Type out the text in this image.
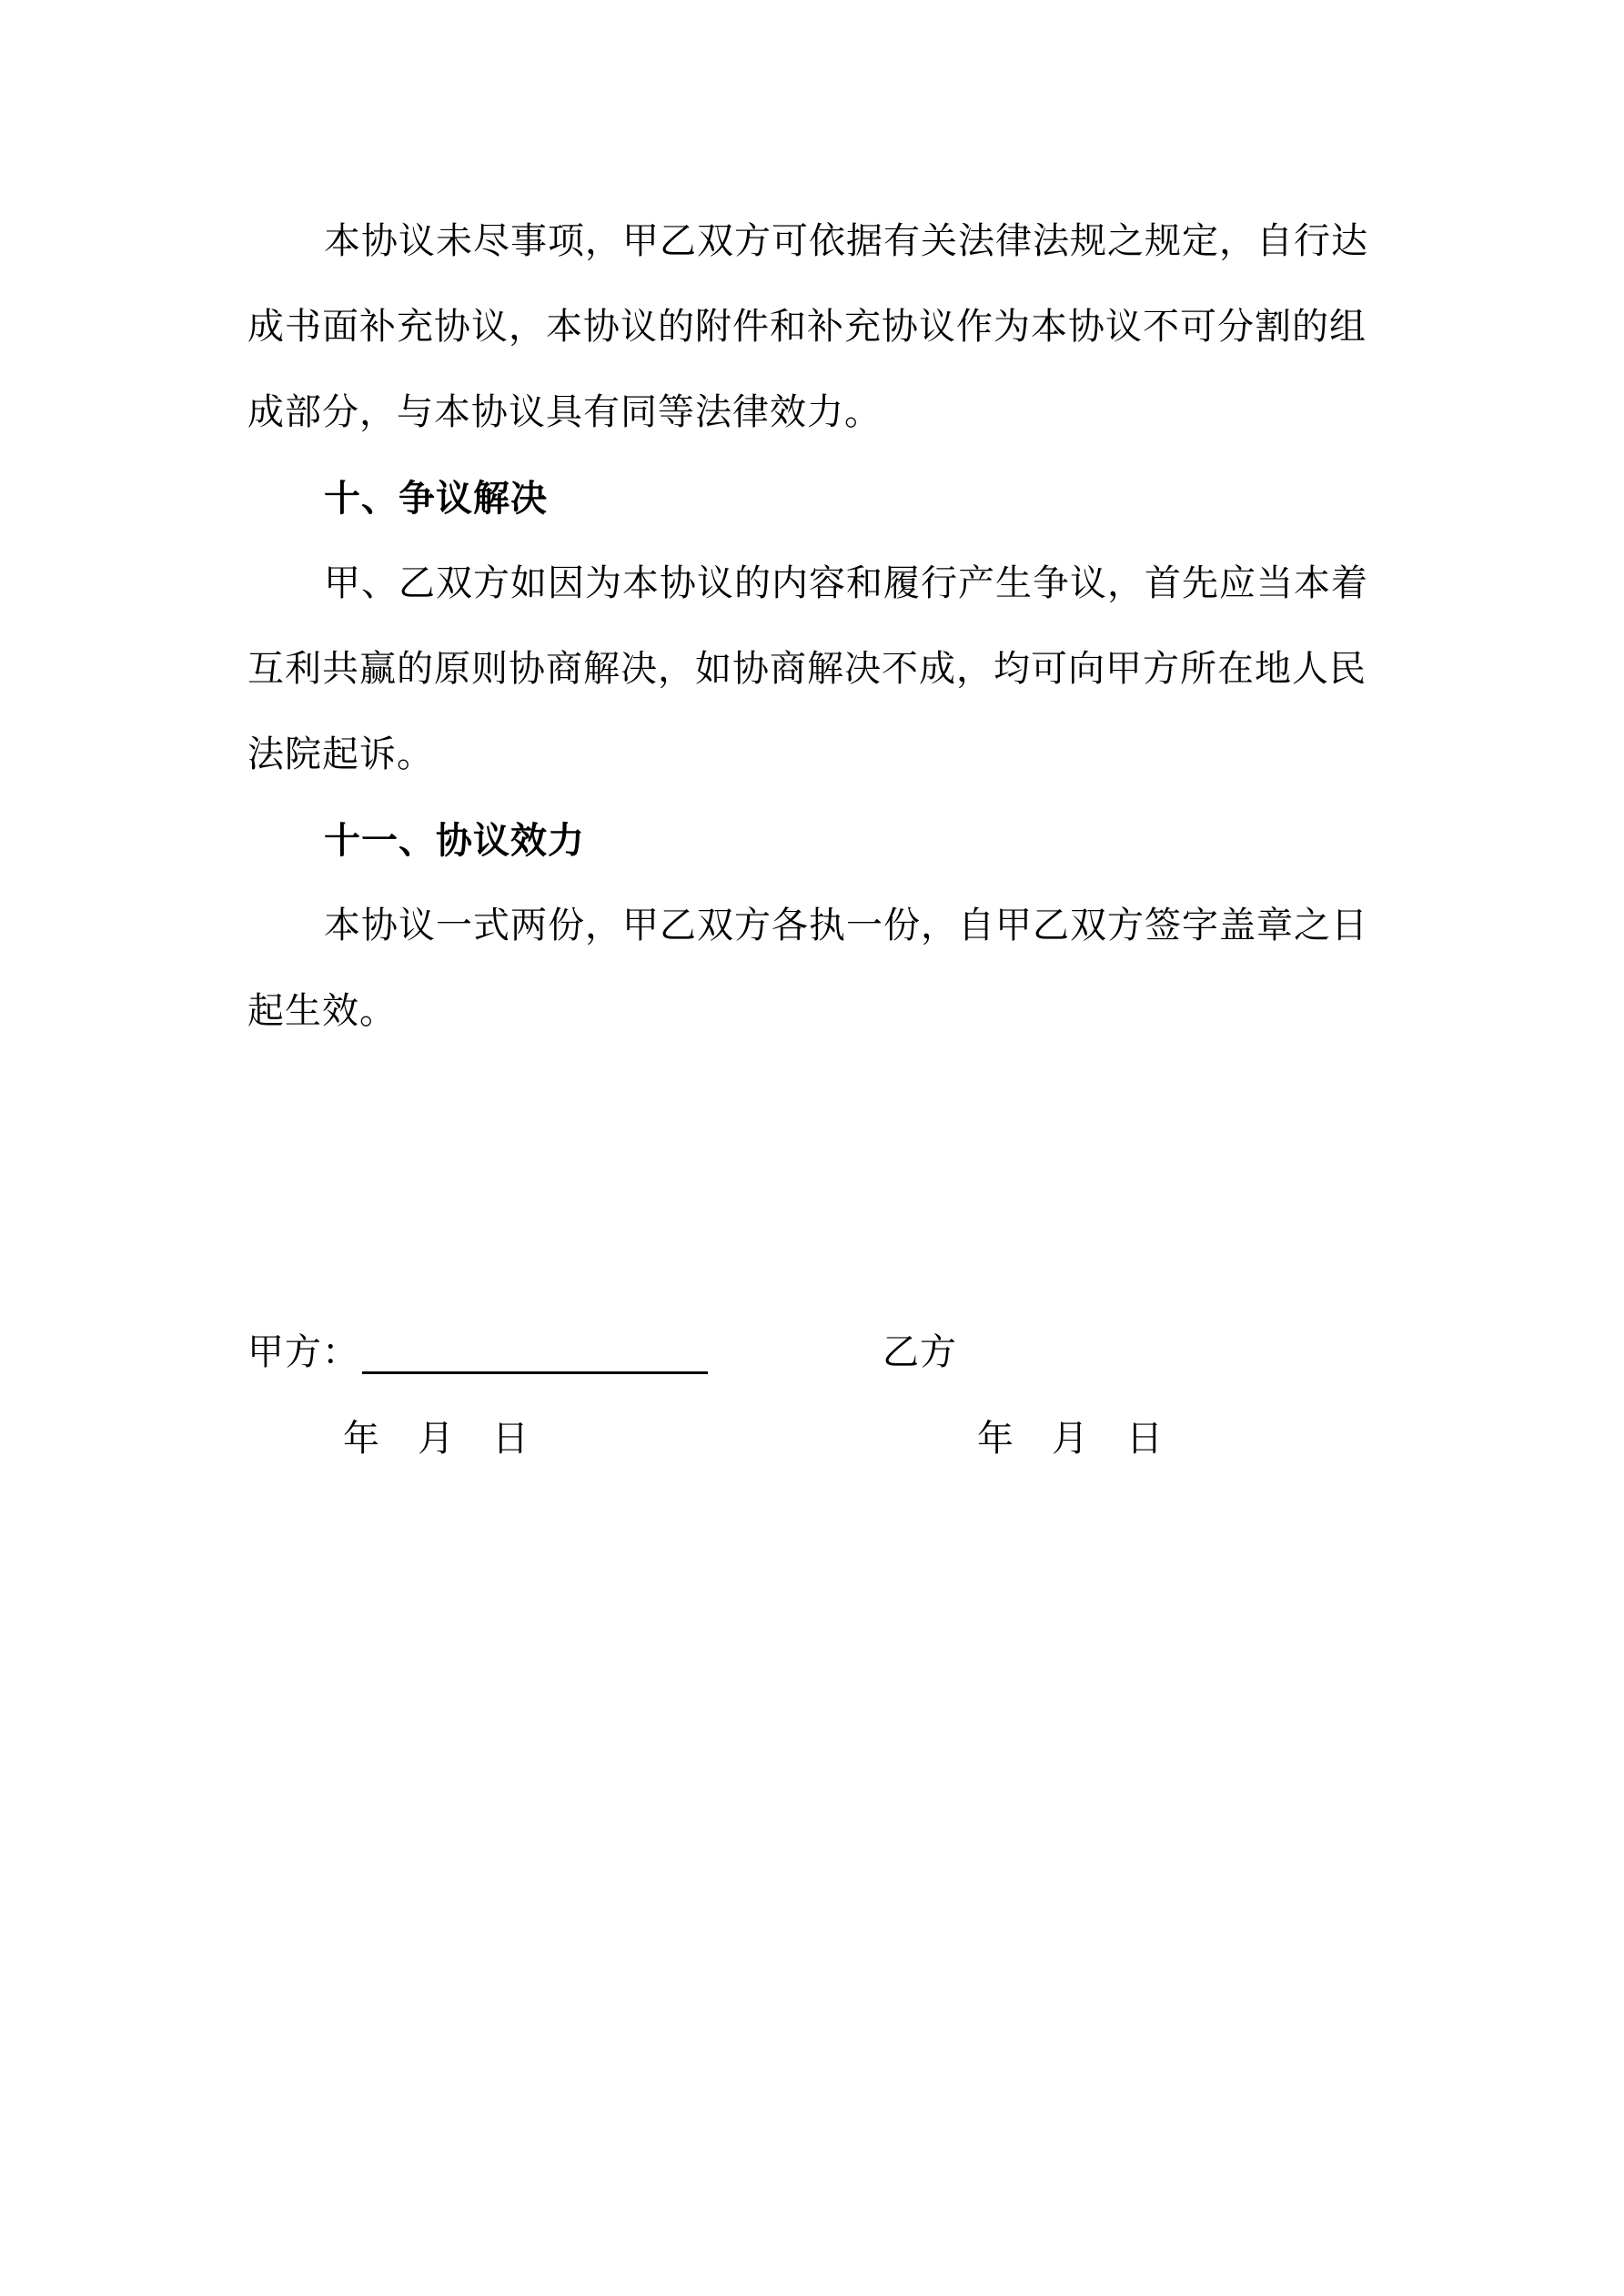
本协议未尽事项，甲乙双方可依据有关法律法规之规定，自行达
成书面补充协议，本协议的附件和补充协议作为本协议不可分割的组
成部分，与本协议具有同等法律效力。
十、争议解决
甲、乙双方如因为本协议的内容和履行产生争议，首先应当本着
互利共赢的原则协商解决，如协商解决不成，均可向甲方所在地人民
法院起诉。
十一、协议效力
本协议一式两份，甲乙双方各执一份，自甲乙双方签字盖章之日
起生效。
甲方：	乙方
年　月　日	年　月　日
